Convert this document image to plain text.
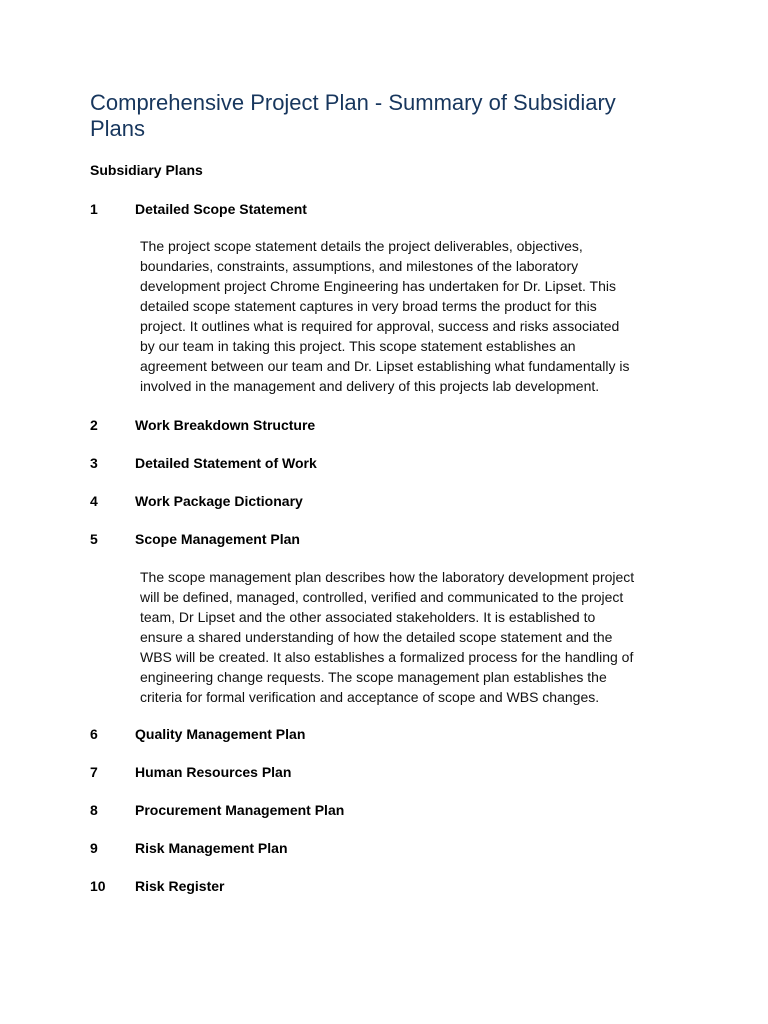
Comprehensive Project Plan - Summary of Subsidiary
Plans
Subsidiary Plans
1	Detailed Scope Statement
The project scope statement details the project deliverables, objectives,
boundaries, constraints, assumptions, and milestones of the laboratory
development project Chrome Engineering has undertaken for Dr. Lipset. This
detailed scope statement captures in very broad terms the product for this
project. It outlines what is required for approval, success and risks associated
by our team in taking this project. This scope statement establishes an
agreement between our team and Dr. Lipset establishing what fundamentally is
involved in the management and delivery of this projects lab development.
2	Work Breakdown Structure
3	Detailed Statement of Work
4	Work Package Dictionary
5	Scope Management Plan
The scope management plan describes how the laboratory development project
will be defined, managed, controlled, verified and communicated to the project
team, Dr Lipset and the other associated stakeholders. It is established to
ensure a shared understanding of how the detailed scope statement and the
WBS will be created. It also establishes a formalized process for the handling of
engineering change requests. The scope management plan establishes the
criteria for formal verification and acceptance of scope and WBS changes.
6	Quality Management Plan
7	Human Resources Plan
8	Procurement Management Plan
9	Risk Management Plan
10 Risk Register
